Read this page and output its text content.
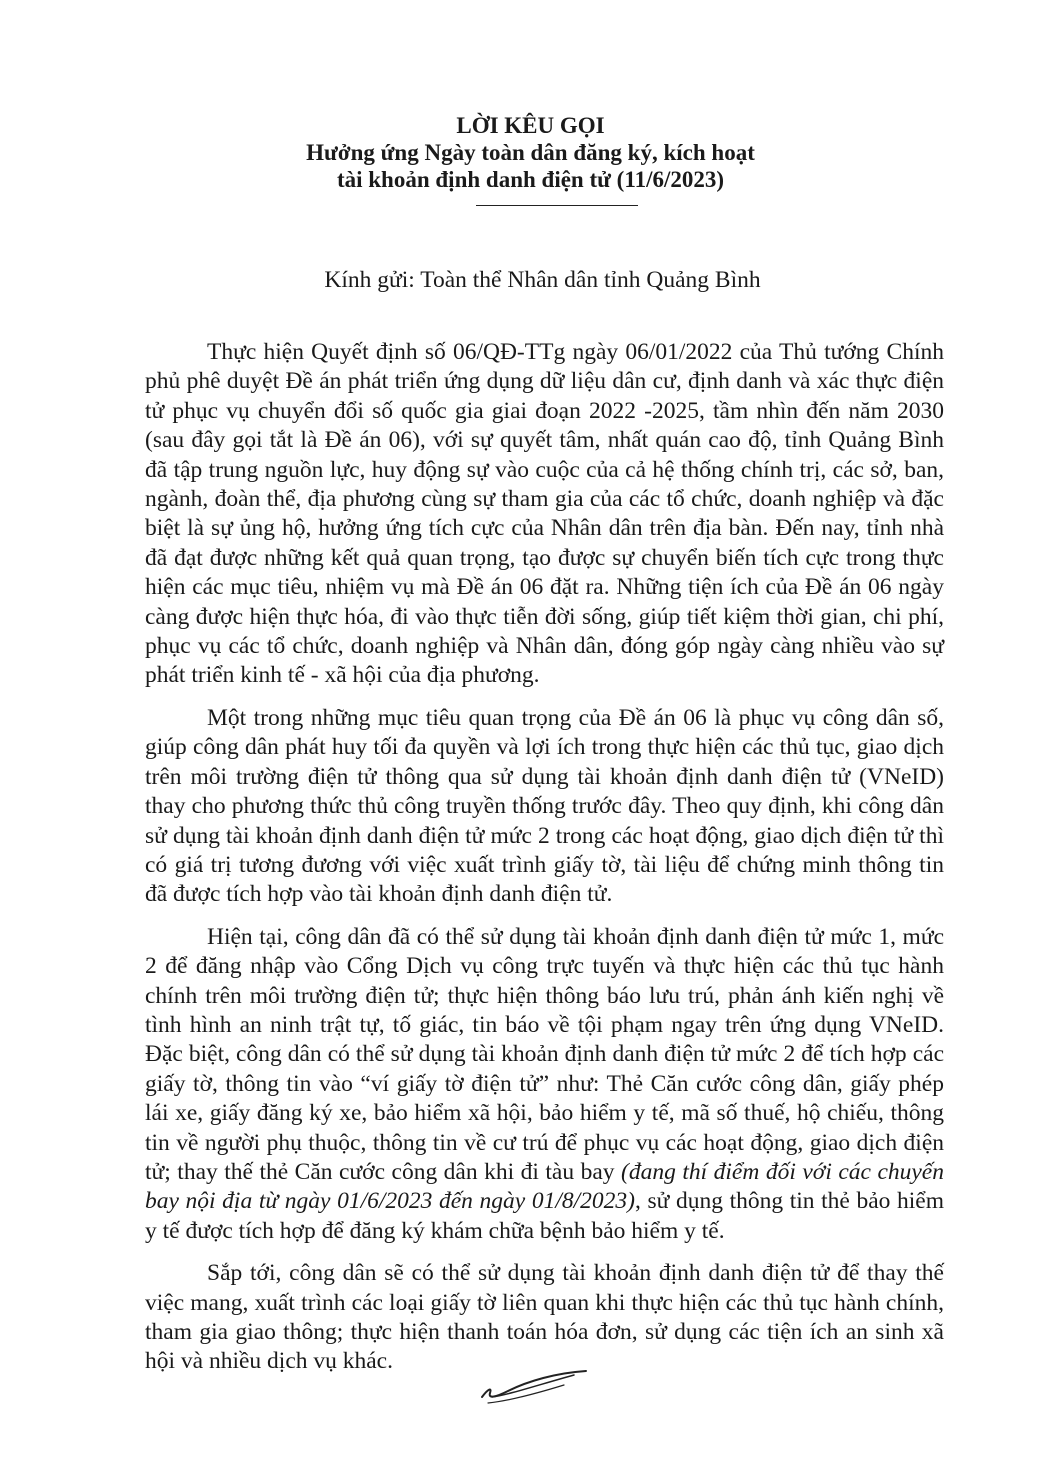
LỜI KÊU GỌI
Hưởng ứng Ngày toàn dân đăng ký, kích hoạt
tài khoản định danh điện tử (11/6/2023)
Kính gửi: Toàn thể Nhân dân tỉnh Quảng Bình

Thực hiện Quyết định số 06/QĐ-TTg ngày 06/01/2022 của Thủ tướng Chính phủ phê duyệt Đề án phát triển ứng dụng dữ liệu dân cư, định danh và xác thực điện tử phục vụ chuyển đổi số quốc gia giai đoạn 2022 -2025, tầm nhìn đến năm 2030 (sau đây gọi tắt là Đề án 06), với sự quyết tâm, nhất quán cao độ, tỉnh Quảng Bình đã tập trung nguồn lực, huy động sự vào cuộc của cả hệ thống chính trị, các sở, ban, ngành, đoàn thể, địa phương cùng sự tham gia của các tổ chức, doanh nghiệp và đặc biệt là sự ủng hộ, hưởng ứng tích cực của Nhân dân trên địa bàn. Đến nay, tỉnh nhà đã đạt được những kết quả quan trọng, tạo được sự chuyển biến tích cực trong thực hiện các mục tiêu, nhiệm vụ mà Đề án 06 đặt ra. Những tiện ích của Đề án 06 ngày càng được hiện thực hóa, đi vào thực tiễn đời sống, giúp tiết kiệm thời gian, chi phí, phục vụ các tổ chức, doanh nghiệp và Nhân dân, đóng góp ngày càng nhiều vào sự phát triển kinh tế - xã hội của địa phương.

Một trong những mục tiêu quan trọng của Đề án 06 là phục vụ công dân số, giúp công dân phát huy tối đa quyền và lợi ích trong thực hiện các thủ tục, giao dịch trên môi trường điện tử thông qua sử dụng tài khoản định danh điện tử (VNeID) thay cho phương thức thủ công truyền thống trước đây. Theo quy định, khi công dân sử dụng tài khoản định danh điện tử mức 2 trong các hoạt động, giao dịch điện tử thì có giá trị tương đương với việc xuất trình giấy tờ, tài liệu để chứng minh thông tin đã được tích hợp vào tài khoản định danh điện tử.

Hiện tại, công dân đã có thể sử dụng tài khoản định danh điện tử mức 1, mức 2 để đăng nhập vào Cổng Dịch vụ công trực tuyến và thực hiện các thủ tục hành chính trên môi trường điện tử; thực hiện thông báo lưu trú, phản ánh kiến nghị về tình hình an ninh trật tự, tố giác, tin báo về tội phạm ngay trên ứng dụng VNeID. Đặc biệt, công dân có thể sử dụng tài khoản định danh điện tử mức 2 để tích hợp các giấy tờ, thông tin vào “ví giấy tờ điện tử” như: Thẻ Căn cước công dân, giấy phép lái xe, giấy đăng ký xe, bảo hiểm xã hội, bảo hiểm y tế, mã số thuế, hộ chiếu, thông tin về người phụ thuộc, thông tin về cư trú để phục vụ các hoạt động, giao dịch điện tử; thay thế thẻ Căn cước công dân khi đi tàu bay (đang thí điểm đối với các chuyến bay nội địa từ ngày 01/6/2023 đến ngày 01/8/2023), sử dụng thông tin thẻ bảo hiểm y tế được tích hợp để đăng ký khám chữa bệnh bảo hiểm y tế.

Sắp tới, công dân sẽ có thể sử dụng tài khoản định danh điện tử để thay thế việc mang, xuất trình các loại giấy tờ liên quan khi thực hiện các thủ tục hành chính, tham gia giao thông; thực hiện thanh toán hóa đơn, sử dụng các tiện ích an sinh xã hội và nhiều dịch vụ khác.
